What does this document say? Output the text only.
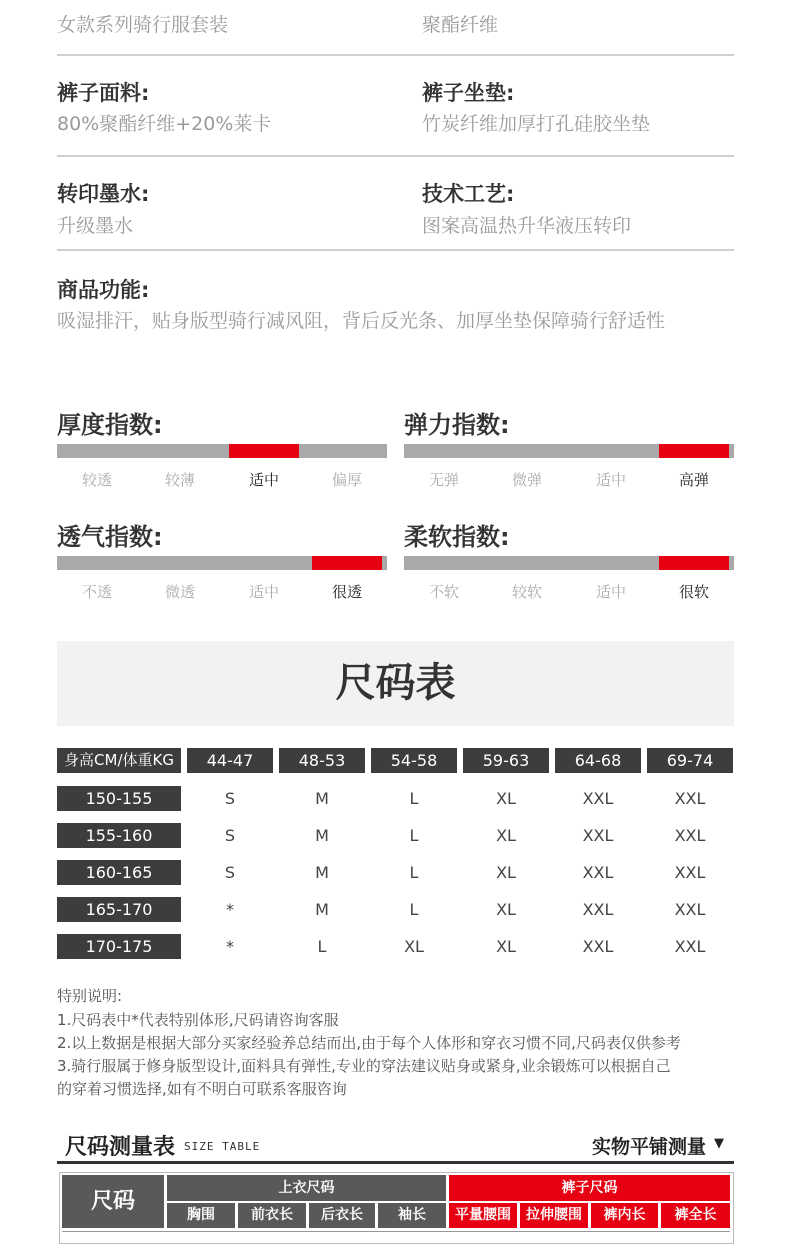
女款系列骑行服套装	聚酯纤维
裤子面料:
80%聚酯纤维+20%莱卡
裤子坐垫:
竹炭纤维加厚打孔硅胶坐垫
转印墨水:
升级墨水
技术工艺:
图案高温热升华液压转印
商品功能:
吸湿排汗，贴身版型骑行减风阻，背后反光条、加厚坐垫保障骑行舒适性
厚度指数:
较透	较薄	适中	偏厚
弹力指数:
无弹	微弹	适中	高弹
透气指数:
不透	微透	适中	很透
柔软指数:
不软	较软	适中	很软
尺码表
身高CM/体重KG	44-47	48-53	54-58	59-63	64-68	69-74
150-155	S	M	L	XL	XXL	XXL
155-160	S	M	L	XL	XXL	XXL
160-165	S	M	L	XL	XXL	XXL
165-170	*	M	L	XL	XXL	XXL
170-175	*	L	XL	XL	XXL	XXL
特别说明:
1.尺码表中*代表特别体形,尺码请咨询客服
2.以上数据是根据大部分买家经验养总结而出,由于每个人体形和穿衣习惯不同,尺码表仅供参考
3.骑行服属于修身版型设计,面料具有弹性,专业的穿法建议贴身或紧身,业余锻炼可以根据自己
的穿着习惯选择,如有不明白可联系客服咨询
尺码测量表 SIZE TABLE	实物平铺测量 ▼
尺码
上衣尺码	裤子尺码
胸围	前衣长	后衣长	袖长	平量腰围	拉伸腰围	裤内长	裤全长
